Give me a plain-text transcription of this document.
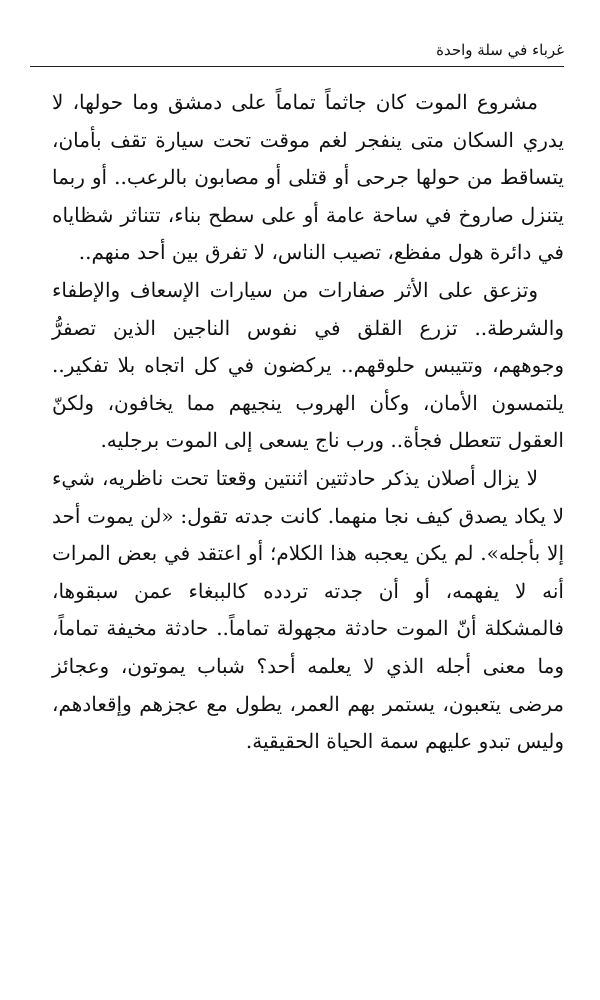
غرباء في سلة واحدة

مشروع الموت كان جاثماً تماماً على دمشق وما حولها، لا يدري السكان متى ينفجر لغم موقت تحت سيارة تقف بأمان، يتساقط من حولها جرحى أو قتلى أو مصابون بالرعب.. أو ربما يتنزل صاروخ في ساحة عامة أو على سطح بناء، تتناثر شظاياه في دائرة هول مفظع، تصيب الناس، لا تفرق بين أحد منهم..

وتزعق على الأثر صفارات من سيارات الإسعاف والإطفاء والشرطة.. تزرع القلق في نفوس الناجين الذين تصفرُّ وجوههم، وتتيبس حلوقهم.. يركضون في كل اتجاه بلا تفكير.. يلتمسون الأمان، وكأن الهروب ينجيهم مما يخافون، ولكنّ العقول تتعطل فجأة.. ورب ناج يسعى إلى الموت برجليه.

لا يزال أصلان يذكر حادثتين اثنتين وقعتا تحت ناظريه، شيء لا يكاد يصدق كيف نجا منهما. كانت جدته تقول: «لن يموت أحد إلا بأجله». لم يكن يعجبه هذا الكلام؛ أو اعتقد في بعض المرات أنه لا يفهمه، أو أن جدته تردده كالببغاء عمن سبقوها، فالمشكلة أنّ الموت حادثة مجهولة تماماً.. حادثة مخيفة تماماً، وما معنى أجله الذي لا يعلمه أحد؟ شباب يموتون، وعجائز مرضى يتعبون، يستمر بهم العمر، يطول مع عجزهم وإقعادهم، وليس تبدو عليهم سمة الحياة الحقيقية.
